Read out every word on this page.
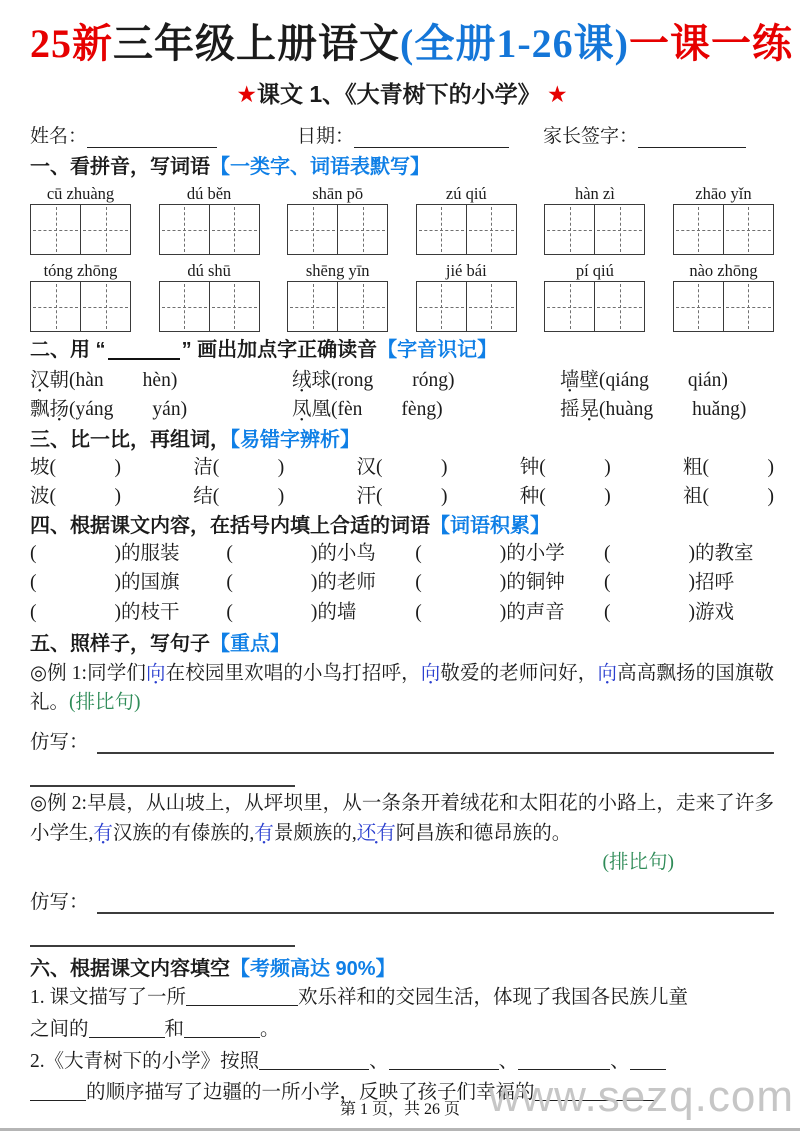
25新三年级上册语文(全册1-26课)一课一练
★课文 1、《大青树下的小学》 ★
姓名：	日期：	家长签字：
一、看拼音，写词语【一类字、词语表默写】
cū zhuàng	dú běn	shān pō	zú qiú	hàn zì	zhāo yǐn
tóng zhōng	dú shū	shēng yīn	jié bái	pí qiú	nào zhōng
二、用 “	” 画出加点字正确读音【字音识记】
汉朝(hàn　　hèn)	绒球(rong　　róng)	墙壁(qiáng　　qián)
飘扬(yáng　　yán)	凤凰(fèn　　fèng)	摇晃(huàng　　huǎng)
三、比一比，再组词，【易错字辨析】
坡(　　　)	洁(　　　)	汉(　　　)	钟(　　　)	粗(　　　)
波(　　　)	结(　　　)	汗(　　　)	种(　　　)	祖(　　　)
四、根据课文内容，在括号内填上合适的词语【词语积累】
(　　　　)的服装	(　　　　)的小鸟	(　　　　)的小学	(　　　　)的教室
(　　　　)的国旗	(　　　　)的老师	(　　　　)的铜钟	(　　　　)招呼
(　　　　)的枝干	(　　　　)的墙	(　　　　)的声音	(　　　　)游戏
五、照样子，写句子【重点】

◎例 1:同学们向在校园里欢唱的小鸟打招呼，向敬爱的老师问好，向高高飘扬的国旗敬礼。(排比句)

仿写：

◎例 2:早晨，从山坡上，从坪坝里，从一条条开着绒花和太阳花的小路上，走来了许多小学生,有汉族的有傣族的,有景颇族的,还有阿昌族和德昂族的。

(排比句)
仿写：
六、根据课文内容填空【考频高达 90%】
1. 课文描写了一所	欢乐祥和的交园生活，体现了我国各民族儿童
之间的	和	。
2.《大青树下的小学》按照	、	、	、
的顺序描写了边疆的一所小学，反映了孩子们幸福的
第 1 页，共 26 页 www.sezq.com
